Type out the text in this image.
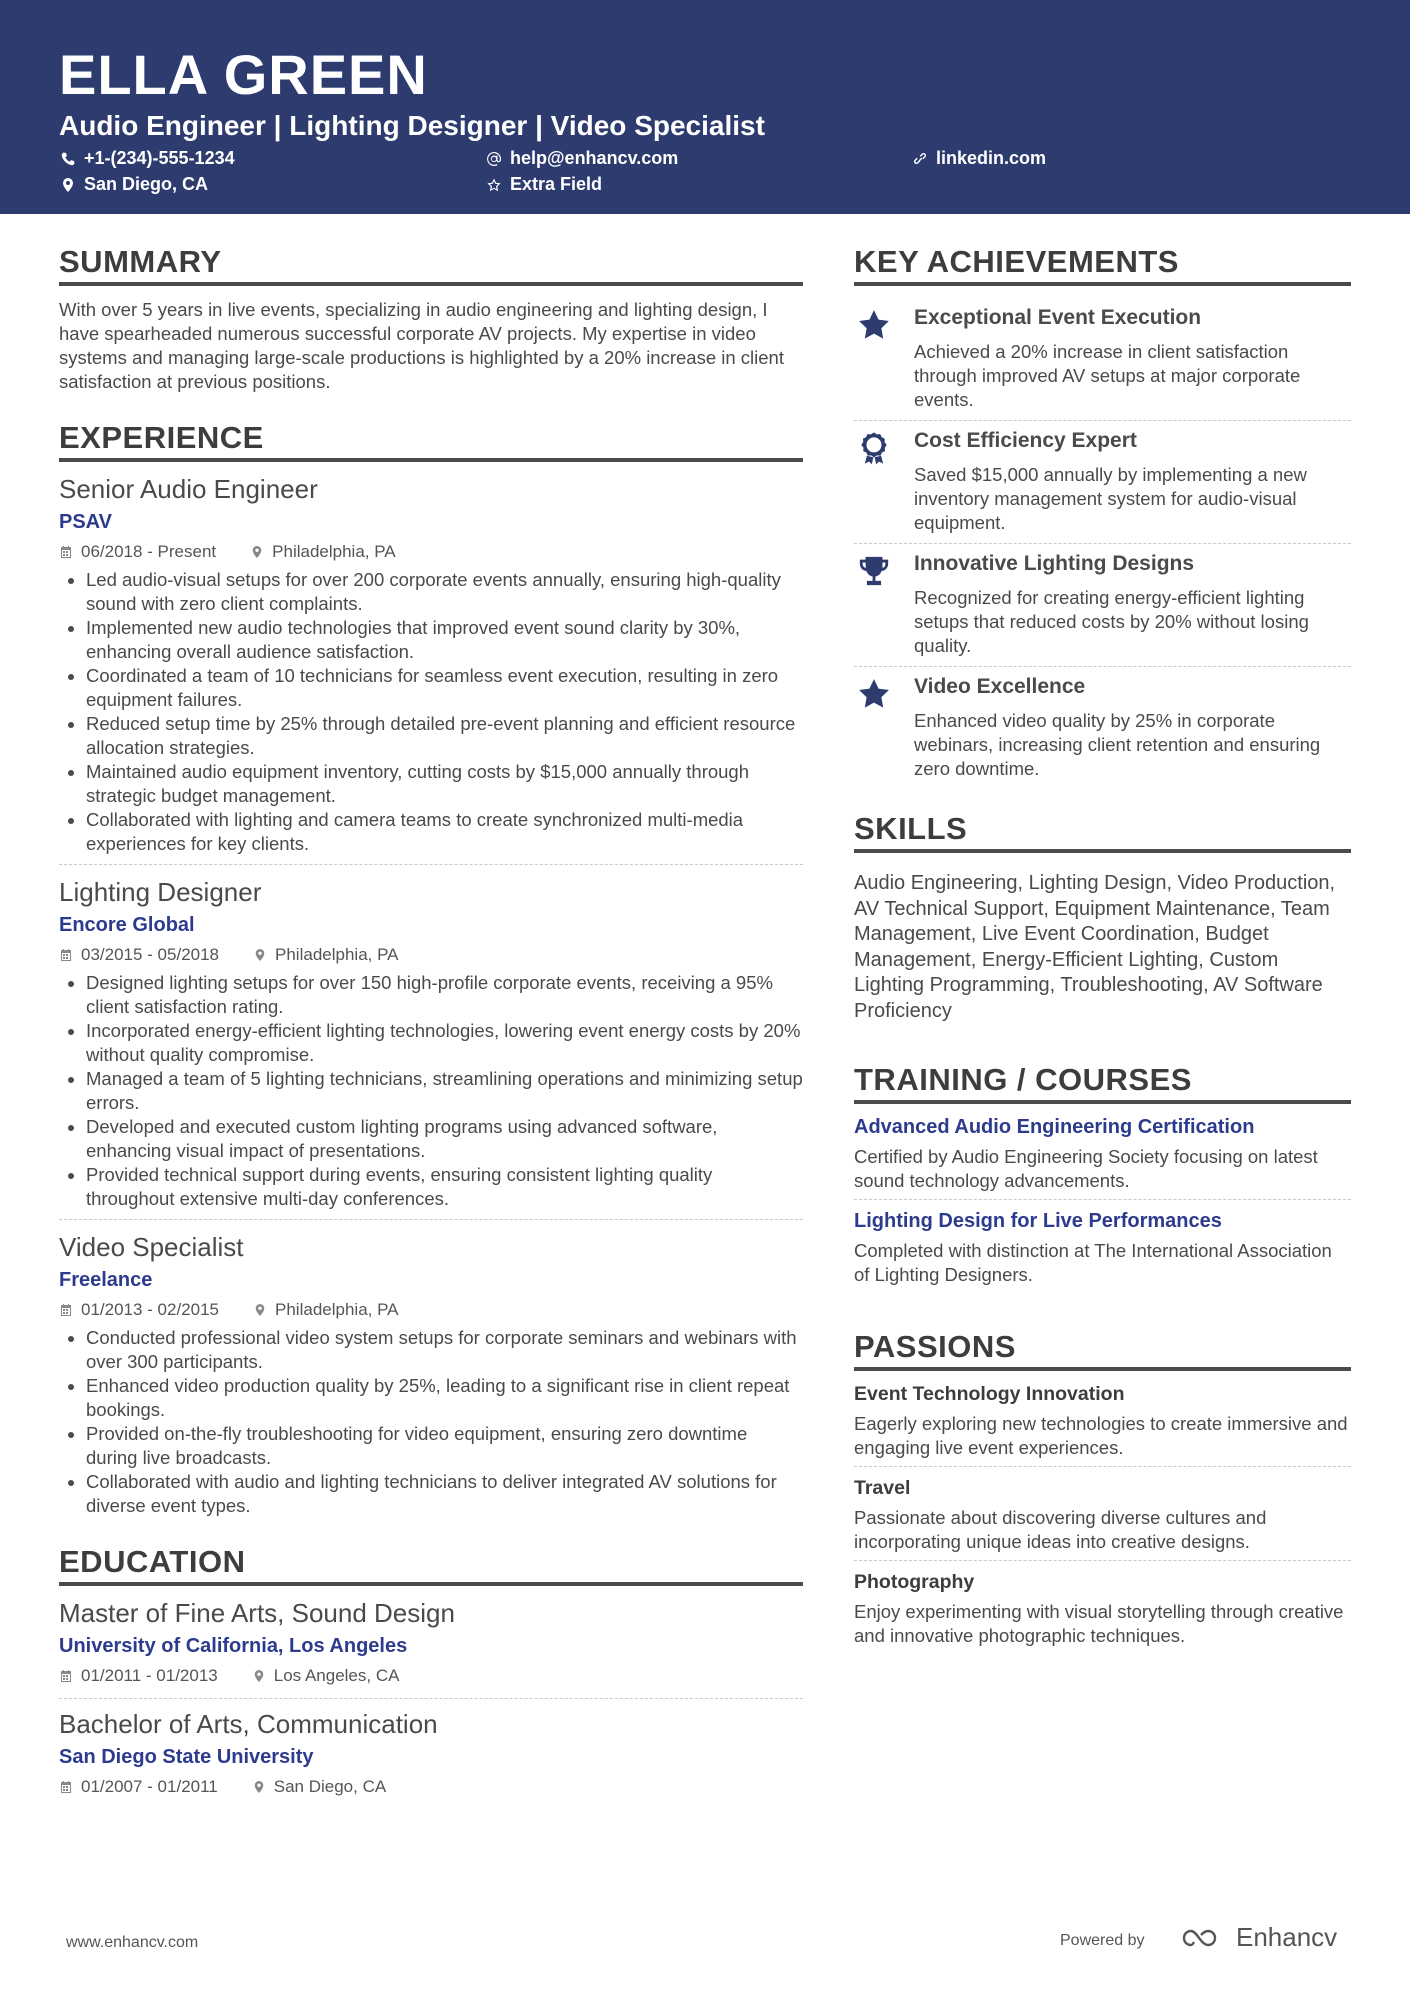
ELLA GREEN
Audio Engineer | Lighting Designer | Video Specialist
+1-(234)-555-1234	help@enhancv.com	linkedin.com
San Diego, CA	Extra Field
SUMMARY
With over 5 years in live events, specializing in audio engineering and lighting design, I have spearheaded numerous successful corporate AV projects. My expertise in video systems and managing large-scale productions is highlighted by a 20% increase in client satisfaction at previous positions.
EXPERIENCE
Senior Audio Engineer
PSAV
06/2018 - Present	Philadelphia, PA
• Led audio-visual setups for over 200 corporate events annually, ensuring high-quality sound with zero client complaints.
• Implemented new audio technologies that improved event sound clarity by 30%, enhancing overall audience satisfaction.
• Coordinated a team of 10 technicians for seamless event execution, resulting in zero equipment failures.
• Reduced setup time by 25% through detailed pre-event planning and efficient resource allocation strategies.
• Maintained audio equipment inventory, cutting costs by $15,000 annually through strategic budget management.
• Collaborated with lighting and camera teams to create synchronized multi-media experiences for key clients.
Lighting Designer
Encore Global
03/2015 - 05/2018	Philadelphia, PA
• Designed lighting setups for over 150 high-profile corporate events, receiving a 95% client satisfaction rating.
• Incorporated energy-efficient lighting technologies, lowering event energy costs by 20% without quality compromise.
• Managed a team of 5 lighting technicians, streamlining operations and minimizing setup errors.
• Developed and executed custom lighting programs using advanced software, enhancing visual impact of presentations.
• Provided technical support during events, ensuring consistent lighting quality throughout extensive multi-day conferences.
Video Specialist
Freelance
01/2013 - 02/2015	Philadelphia, PA
• Conducted professional video system setups for corporate seminars and webinars with over 300 participants.
• Enhanced video production quality by 25%, leading to a significant rise in client repeat bookings.
• Provided on-the-fly troubleshooting for video equipment, ensuring zero downtime during live broadcasts.
• Collaborated with audio and lighting technicians to deliver integrated AV solutions for diverse event types.
EDUCATION
Master of Fine Arts, Sound Design
University of California, Los Angeles
01/2011 - 01/2013	Los Angeles, CA
Bachelor of Arts, Communication
San Diego State University
01/2007 - 01/2011	San Diego, CA
KEY ACHIEVEMENTS
Exceptional Event Execution
Achieved a 20% increase in client satisfaction through improved AV setups at major corporate events.
1 Cost Efficiency Expert
Saved $15,000 annually by implementing a new inventory management system for audio-visual equipment.
Innovative Lighting Designs
Recognized for creating energy-efficient lighting setups that reduced costs by 20% without losing quality.
Video Excellence
Enhanced video quality by 25% in corporate webinars, increasing client retention and ensuring zero downtime.
SKILLS
Audio Engineering, Lighting Design, Video Production, AV Technical Support, Equipment Maintenance, Team Management, Live Event Coordination, Budget Management, Energy-Efficient Lighting, Custom Lighting Programming, Troubleshooting, AV Software Proficiency
TRAINING / COURSES
Advanced Audio Engineering Certification
Certified by Audio Engineering Society focusing on latest sound technology advancements.
Lighting Design for Live Performances
Completed with distinction at The International Association of Lighting Designers.
PASSIONS
Event Technology Innovation
Eagerly exploring new technologies to create immersive and engaging live event experiences.
Travel
Passionate about discovering diverse cultures and incorporating unique ideas into creative designs.
Photography
Enjoy experimenting with visual storytelling through creative and innovative photographic techniques.
www.enhancv.com	Powered by	Enhancv
